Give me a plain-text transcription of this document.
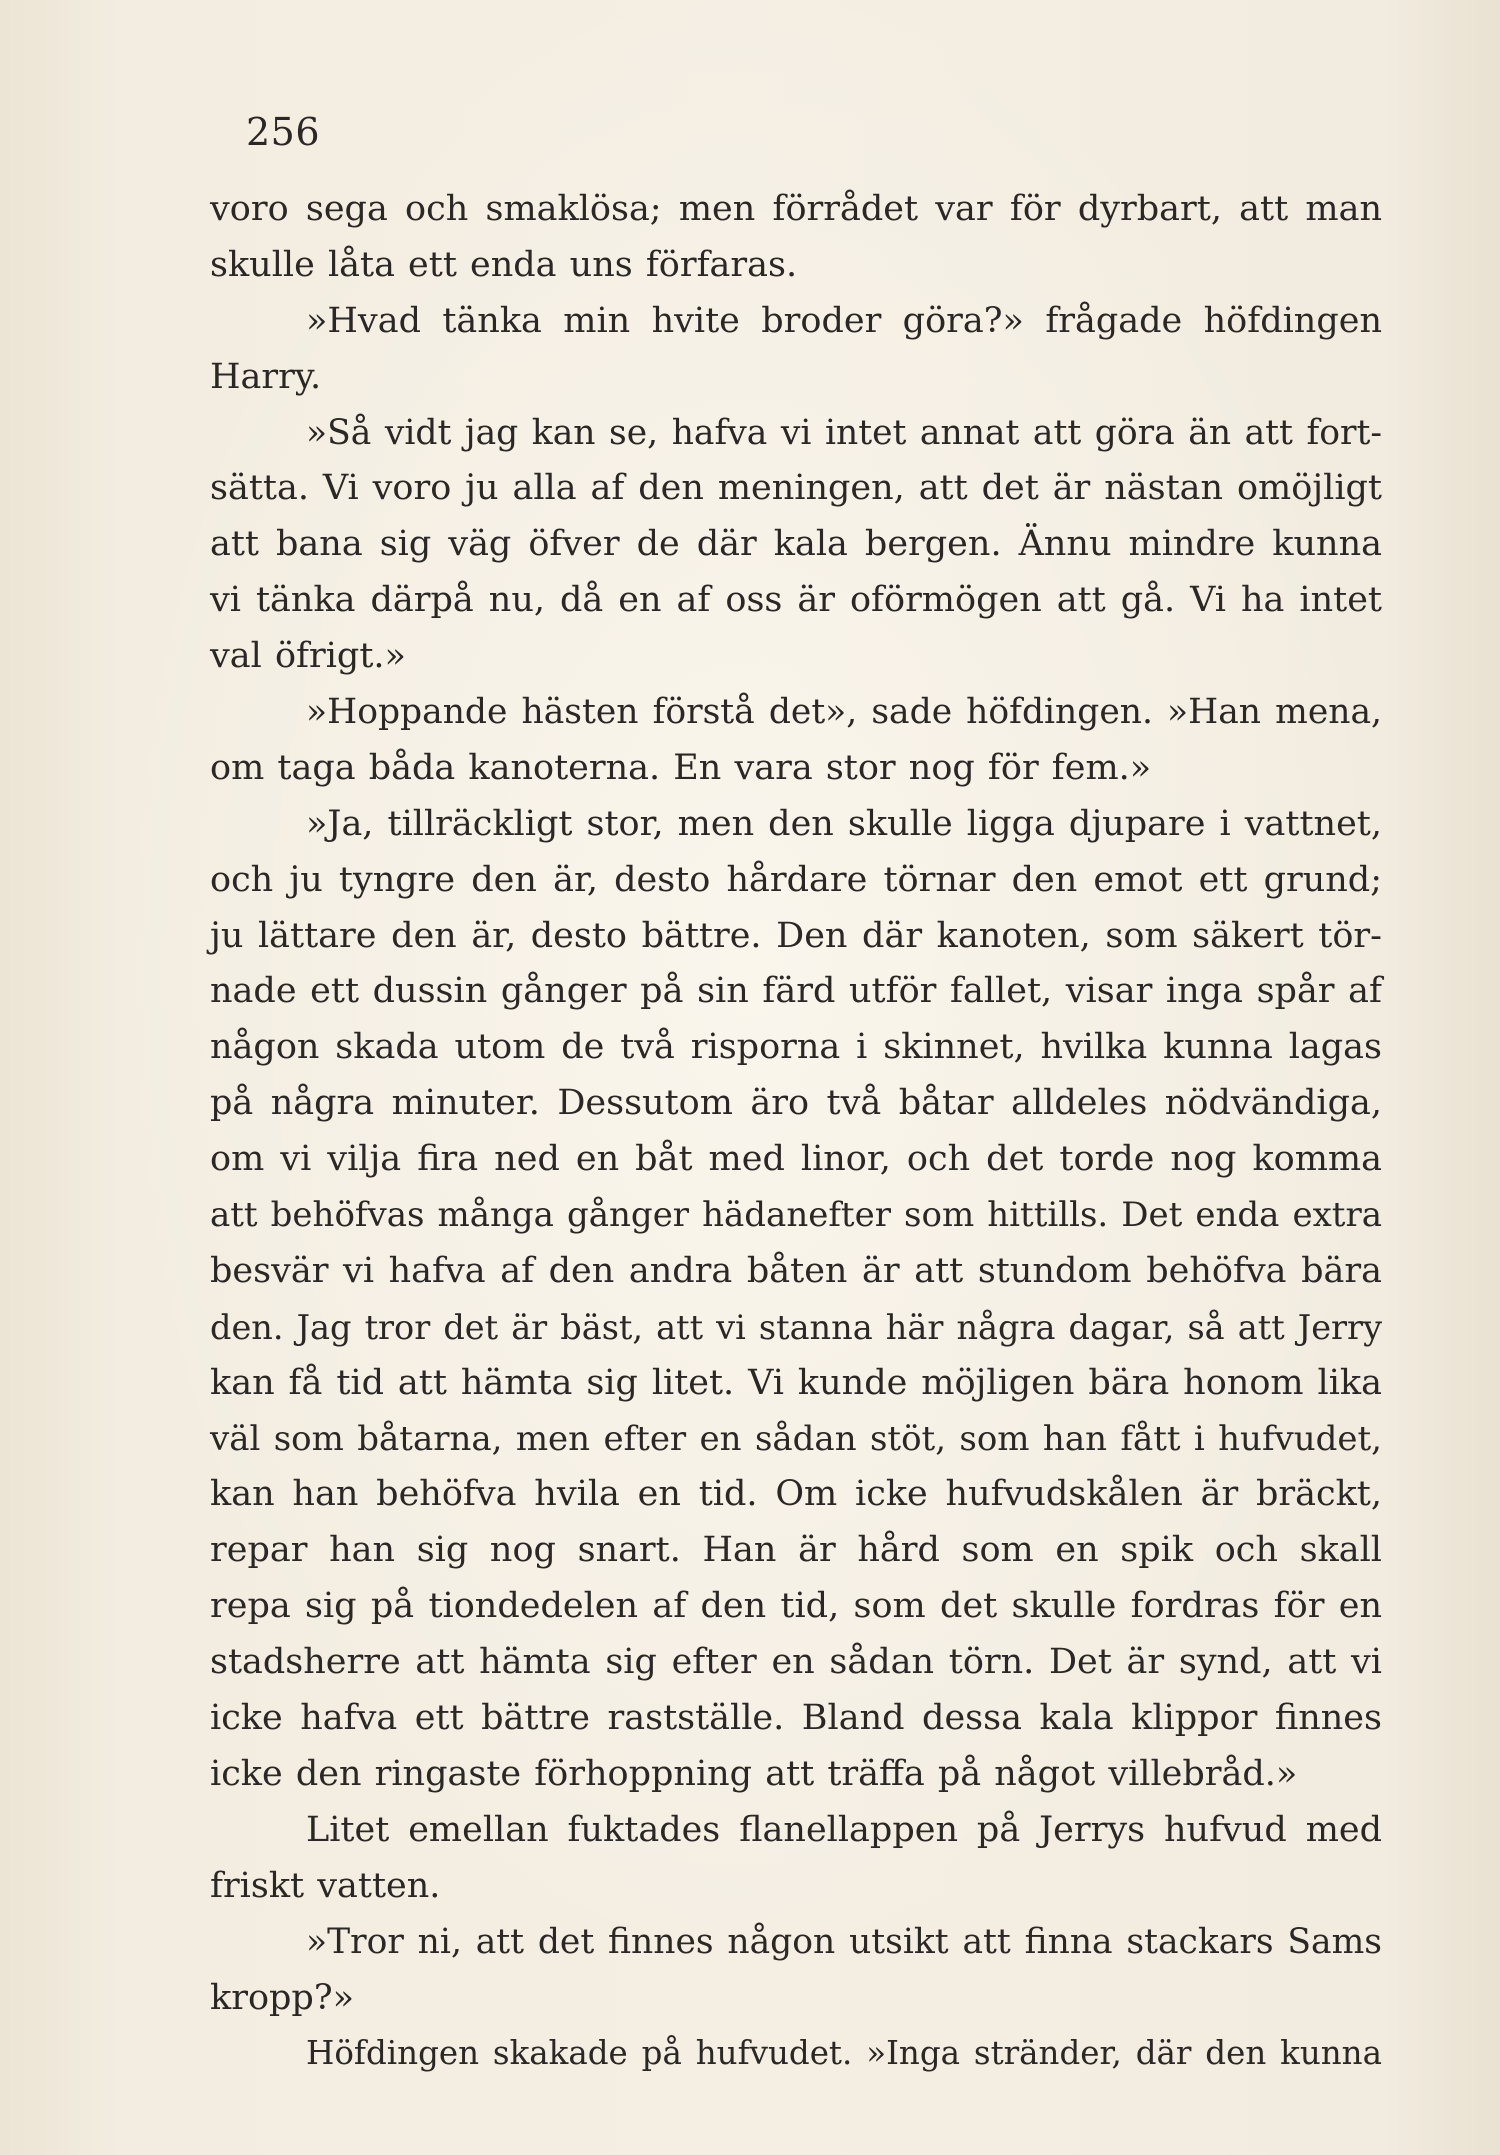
256
voro sega och smaklösa; men förrådet var för dyrbart, att man
skulle låta ett enda uns förfaras.
»Hvad tänka min hvite broder göra?» frågade höfdingen
Harry.
»Så vidt jag kan se, hafva vi intet annat att göra än att fort-
sätta. Vi voro ju alla af den meningen, att det är nästan omöjligt
att bana sig väg öfver de där kala bergen. Ännu mindre kunna
vi tänka därpå nu, då en af oss är oförmögen att gå. Vi ha intet
val öfrigt.»
»Hoppande hästen förstå det», sade höfdingen. »Han mena,
om taga båda kanoterna. En vara stor nog för fem.»
»Ja, tillräckligt stor, men den skulle ligga djupare i vattnet,
och ju tyngre den är, desto hårdare törnar den emot ett grund;
ju lättare den är, desto bättre. Den där kanoten, som säkert tör-
nade ett dussin gånger på sin färd utför fallet, visar inga spår af
någon skada utom de två risporna i skinnet, hvilka kunna lagas
på några minuter. Dessutom äro två båtar alldeles nödvändiga,
om vi vilja fira ned en båt med linor, och det torde nog komma
att behöfvas många gånger hädanefter som hittills. Det enda extra
besvär vi hafva af den andra båten är att stundom behöfva bära
den. Jag tror det är bäst, att vi stanna här några dagar, så att Jerry
kan få tid att hämta sig litet. Vi kunde möjligen bära honom lika
väl som båtarna, men efter en sådan stöt, som han fått i hufvudet,
kan han behöfva hvila en tid. Om icke hufvudskålen är bräckt,
repar han sig nog snart. Han är hård som en spik och skall
repa sig på tiondedelen af den tid, som det skulle fordras för en
stadsherre att hämta sig efter en sådan törn. Det är synd, att vi
icke hafva ett bättre rastställe. Bland dessa kala klippor finnes
icke den ringaste förhoppning att träffa på något villebråd.»
Litet emellan fuktades flanellappen på Jerrys hufvud med
friskt vatten.
»Tror ni, att det finnes någon utsikt att finna stackars Sams
kropp?»
Höfdingen skakade på hufvudet. »Inga stränder, där den kunna
